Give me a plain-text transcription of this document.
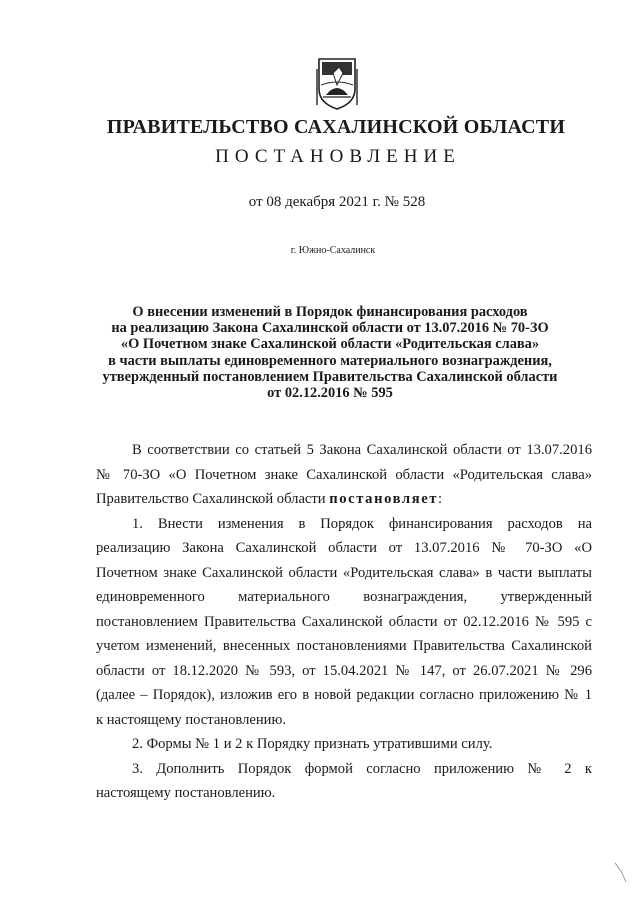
ПРАВИТЕЛЬСТВО САХАЛИНСКОЙ ОБЛАСТИ
ПОСТАНОВЛЕНИЕ
от 08 декабря 2021 г. № 528
г. Южно-Сахалинск
О внесении изменений в Порядок финансирования расходов
на реализацию Закона Сахалинской области от 13.07.2016 № 70-ЗО
«О Почетном знаке Сахалинской области «Родительская слава»
в части выплаты единовременного материального вознаграждения,
утвержденный постановлением Правительства Сахалинской области
от 02.12.2016 № 595
В соответствии со статьей 5 Закона Сахалинской области от 13.07.2016
№ 70-ЗО «О Почетном знаке Сахалинской области «Родительская слава»
Правительство Сахалинской области постановляет:
1. Внести изменения в Порядок финансирования расходов на
реализацию Закона Сахалинской области от 13.07.2016 № 70-ЗО «О
Почетном знаке Сахалинской области «Родительская слава» в части выплаты
единовременного материального вознаграждения, утвержденный
постановлением Правительства Сахалинской области от 02.12.2016 № 595 с
учетом изменений, внесенных постановлениями Правительства Сахалинской
области от 18.12.2020 № 593, от 15.04.2021 № 147, от 26.07.2021 № 296
(далее – Порядок), изложив его в новой редакции согласно приложению № 1
к настоящему постановлению.
2. Формы № 1 и 2 к Порядку признать утратившими силу.
3. Дополнить Порядок формой согласно приложению № 2 к
настоящему постановлению.
